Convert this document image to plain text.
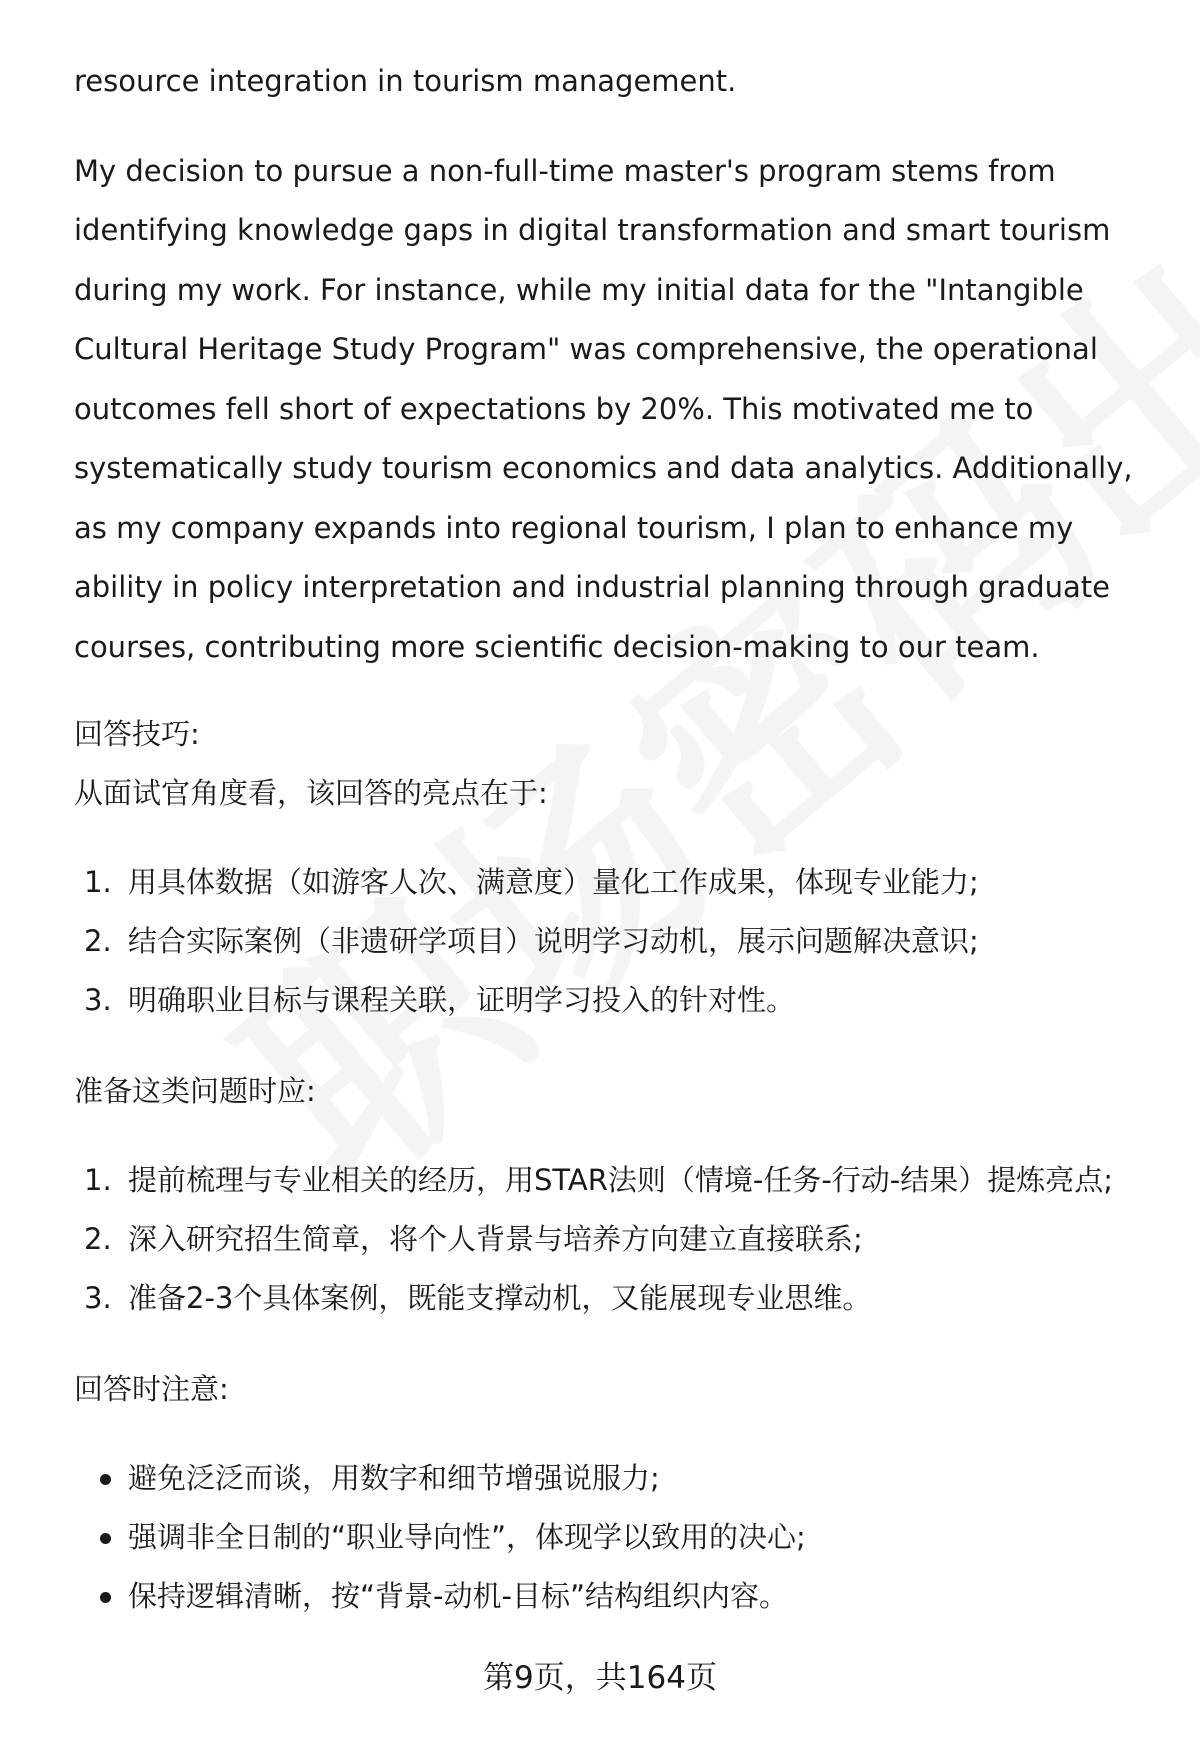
resource integration in tourism management.

My decision to pursue a non-full-time master's program stems from identifying knowledge gaps in digital transformation and smart tourism during my work. For instance, while my initial data for the "Intangible Cultural Heritage Study Program" was comprehensive, the operational outcomes fell short of expectations by 20%. This motivated me to systematically study tourism economics and data analytics. Additionally, as my company expands into regional tourism, I plan to enhance my ability in policy interpretation and industrial planning through graduate courses, contributing more scientific decision-making to our team.

回答技巧:

从面试官角度看，该回答的亮点在于:

1. 用具体数据（如游客人次、满意度）量化工作成果，体现专业能力;
2. 结合实际案例（非遗研学项目）说明学习动机，展示问题解决意识;
3. 明确职业目标与课程关联，证明学习投入的针对性。

准备这类问题时应:

1. 提前梳理与专业相关的经历，用STAR法则（情境-任务-行动-结果）提炼亮点;
2. 深入研究招生简章，将个人背景与培养方向建立直接联系;
3. 准备2-3个具体案例，既能支撑动机，又能展现专业思维。

回答时注意:

避免泛泛而谈，用数字和细节增强说服力;
强调非全日制的“职业导向性”，体现学以致用的决心;
保持逻辑清晰，按“背景-动机-目标”结构组织内容。
第9页，共164页
